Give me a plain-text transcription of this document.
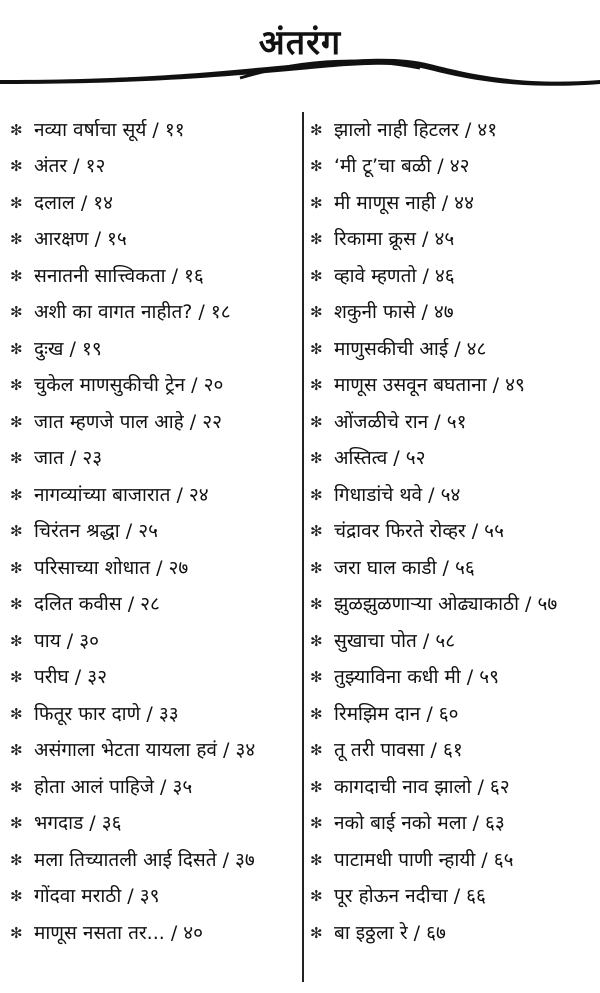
अंतरंग
✻ नव्या वर्षाचा सूर्य / ११
✻ अंतर / १२
✻ दलाल / १४
✻ आरक्षण / १५
✻ सनातनी सात्त्विकता / १६
✻ अशी का वागत नाहीत? / १८
✻ दुःख / १९
✻ चुकेल माणसुकीची ट्रेन / २०
✻ जात म्हणजे पाल आहे / २२
✻ जात / २३
✻ नागव्यांच्या बाजारात / २४
✻ चिरंतन श्रद्धा / २५
✻ परिसाच्या शोधात / २७
✻ दलित कवीस / २८
✻ पाय / ३०
✻ परीघ / ३२
✻ फितूर फार दाणे / ३३
✻ असंगाला भेटता यायला हवं / ३४
✻ होता आलं पाहिजे / ३५
✻ भगदाड / ३६
✻ मला तिच्यातली आई दिसते / ३७
✻ गोंदवा मराठी / ३९
✻ माणूस नसता तर... / ४०
✻ झालो नाही हिटलर / ४१
✻ ‘मी टू’चा बळी / ४२
✻ मी माणूस नाही / ४४
✻ रिकामा क्रूस / ४५
✻ व्हावे म्हणतो / ४६
✻ शकुनी फासे / ४७
✻ माणुसकीची आई / ४८
✻ माणूस उसवून बघताना / ४९
✻ ओंजळीचे रान / ५१
✻ अस्तित्व / ५२
✻ गिधाडांचे थवे / ५४
✻ चंद्रावर फिरते रोव्हर / ५५
✻ जरा घाल काडी / ५६
✻ झुळझुळणाऱ्या ओढ्याकाठी / ५७
✻ सुखाचा पोत / ५८
✻ तुझ्याविना कधी मी / ५९
✻ रिमझिम दान / ६०
✻ तू तरी पावसा / ६१
✻ कागदाची नाव झालो / ६२
✻ नको बाई नको मला / ६३
✻ पाटामधी पाणी न्हायी / ६५
✻ पूर होऊन नदीचा / ६६
✻ बा इठ्ठला रे / ६७
